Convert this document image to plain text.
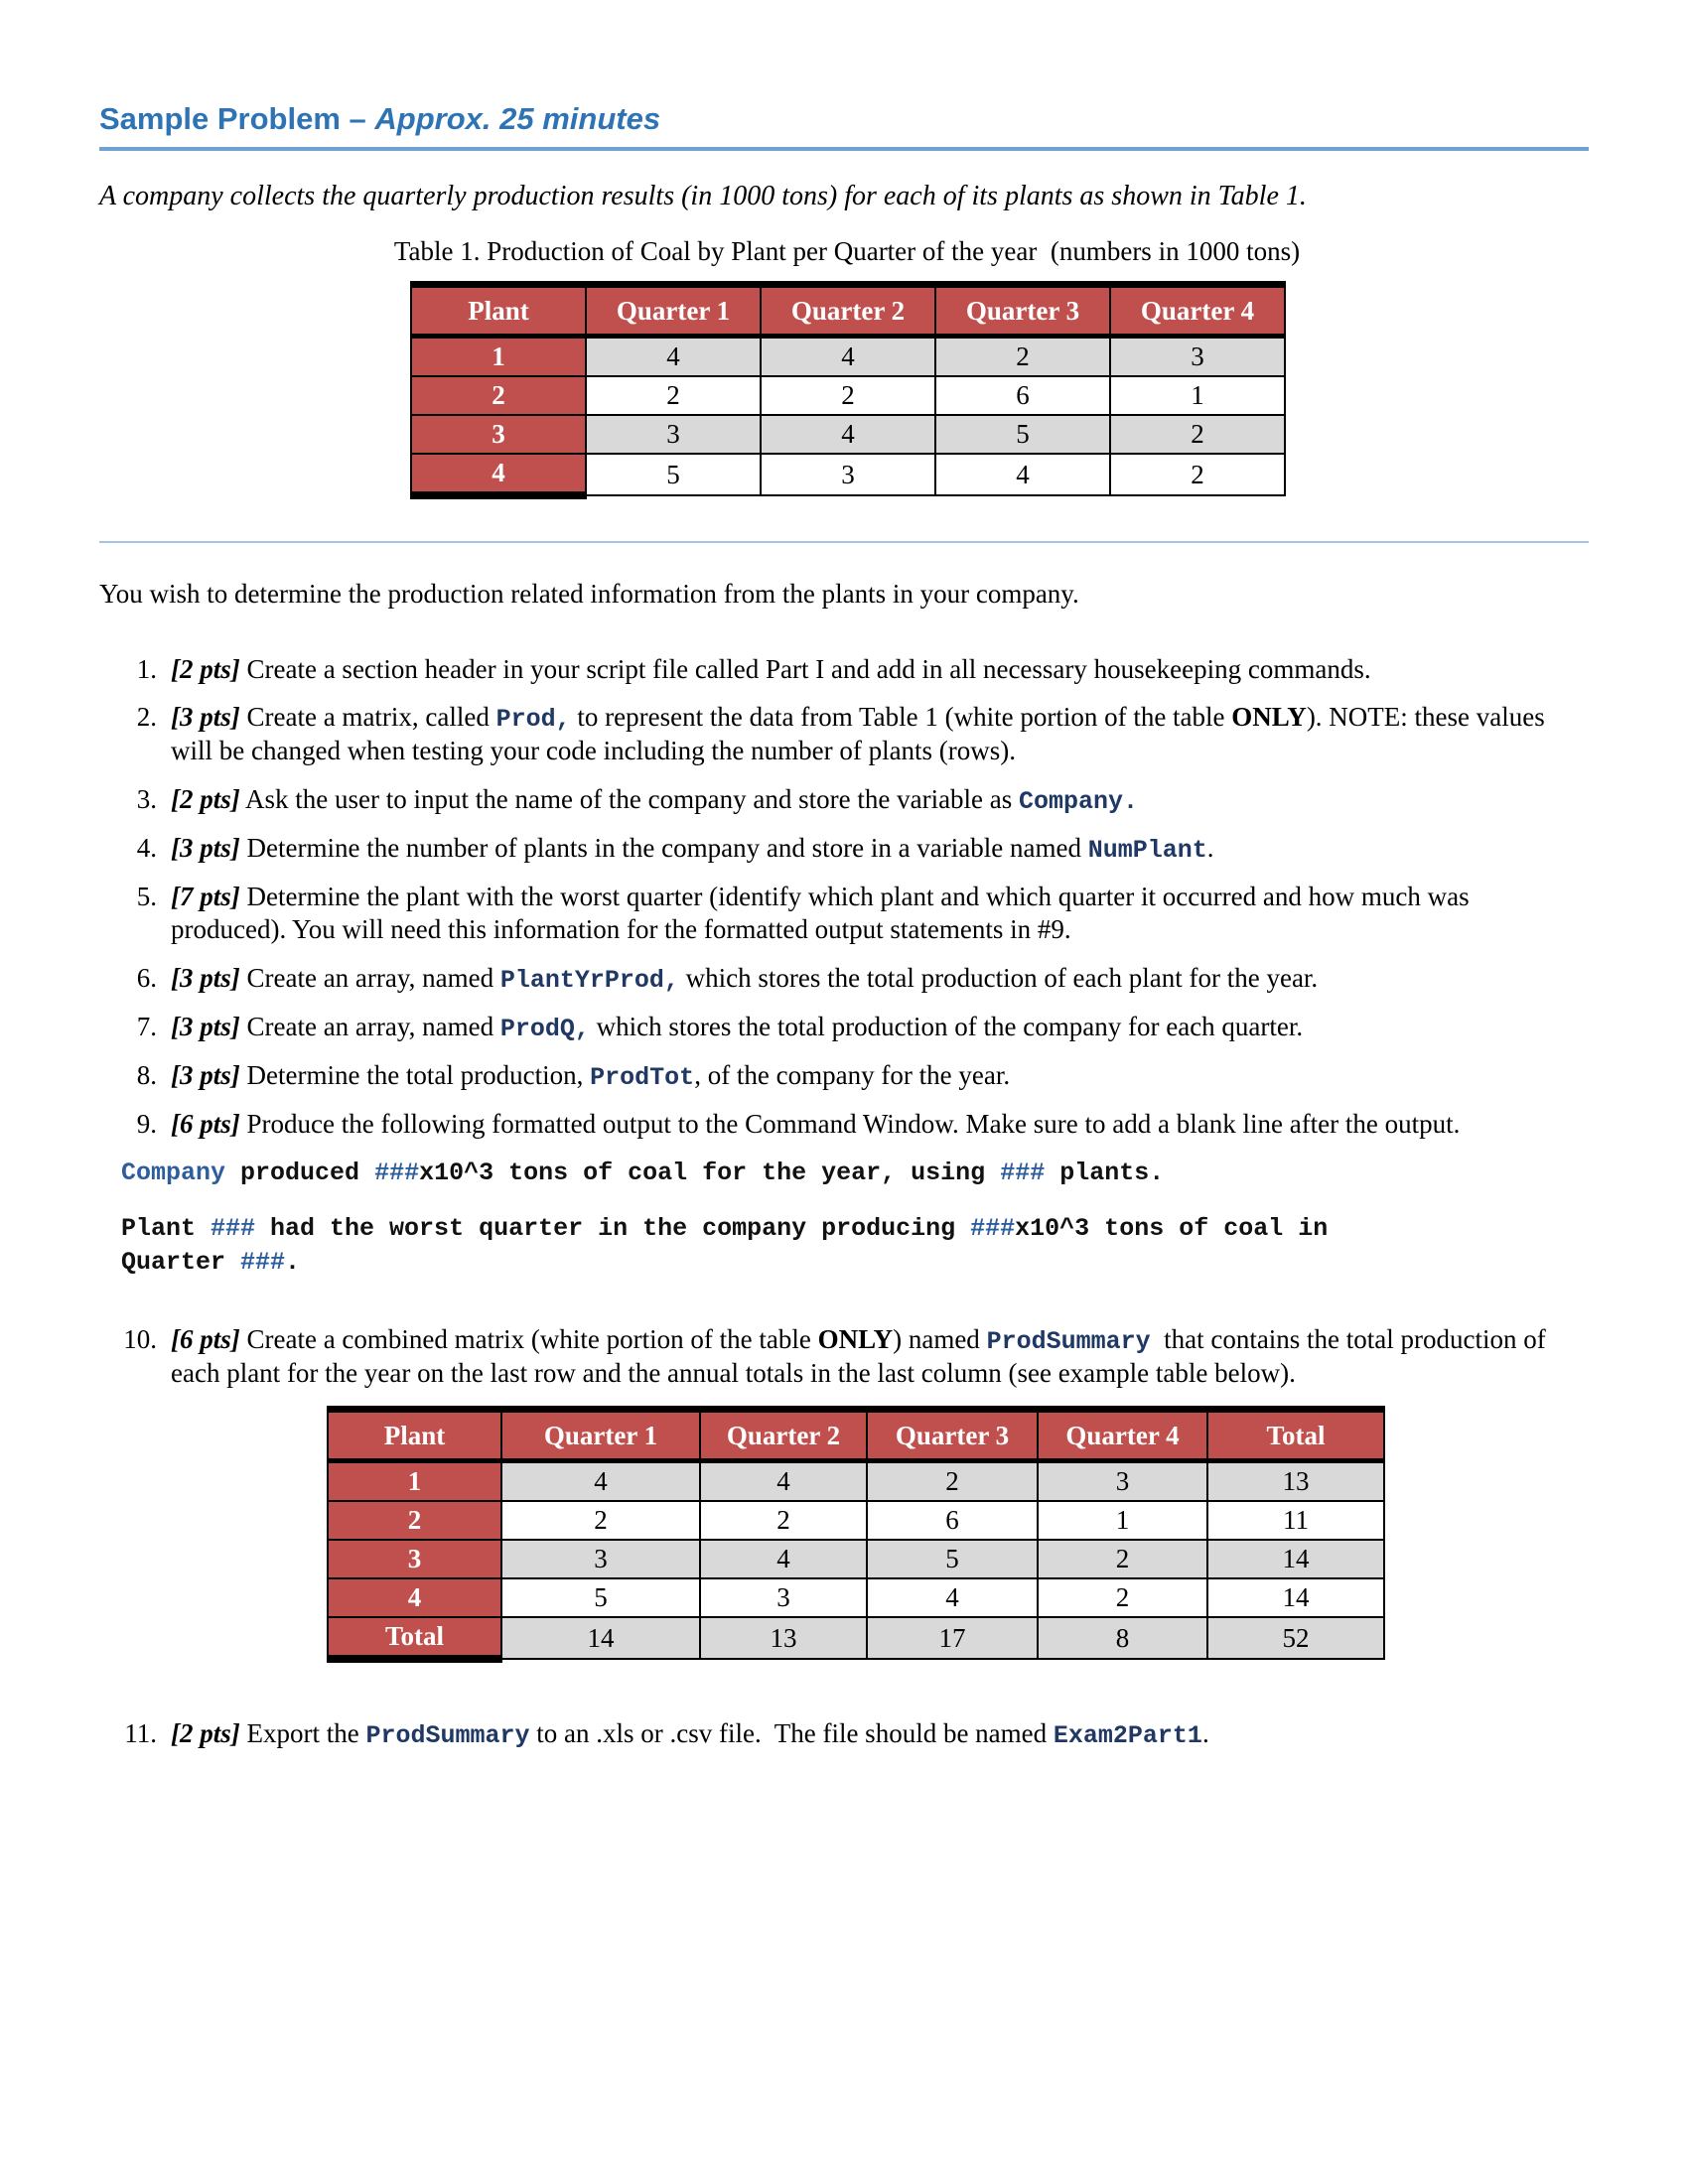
Sample Problem – Approx. 25 minutes
A company collects the quarterly production results (in 1000 tons) for each of its plants as shown in Table 1.
Table 1. Production of Coal by Plant per Quarter of the year  (numbers in 1000 tons)
Plant	Quarter 1	Quarter 2	Quarter 3	Quarter 4
1	4	4	2	3
2	2	2	6	1
3	3	4	5	2
4	5	3	4	2
You wish to determine the production related information from the plants in your company.
1. [2 pts] Create a section header in your script file called Part I and add in all necessary housekeeping commands.
2. [3 pts] Create a matrix, called Prod, to represent the data from Table 1 (white portion of the table ONLY). NOTE: these values will be changed when testing your code including the number of plants (rows).
3. [2 pts] Ask the user to input the name of the company and store the variable as Company.
4. [3 pts] Determine the number of plants in the company and store in a variable named NumPlant.
5. [7 pts] Determine the plant with the worst quarter (identify which plant and which quarter it occurred and how much was produced). You will need this information for the formatted output statements in #9.
6. [3 pts] Create an array, named PlantYrProd, which stores the total production of each plant for the year.
7. [3 pts] Create an array, named ProdQ, which stores the total production of the company for each quarter.
8. [3 pts] Determine the total production, ProdTot, of the company for the year.
9. [6 pts] Produce the following formatted output to the Command Window. Make sure to add a blank line after the output.
Company produced ###x10^3 tons of coal for the year, using ### plants.
Plant ### had the worst quarter in the company producing ###x10^3 tons of coal in
Quarter ###.
10. [6 pts] Create a combined matrix (white portion of the table ONLY) named ProdSummary  that contains the total production of each plant for the year on the last row and the annual totals in the last column (see example table below).
Plant	Quarter 1	Quarter 2	Quarter 3	Quarter 4	Total
1	4	4	2	3	13
2	2	2	6	1	11
3	3	4	5	2	14
4	5	3	4	2	14
Total	14	13	17	8	52
11. [2 pts] Export the ProdSummary to an .xls or .csv file.  The file should be named Exam2Part1.
